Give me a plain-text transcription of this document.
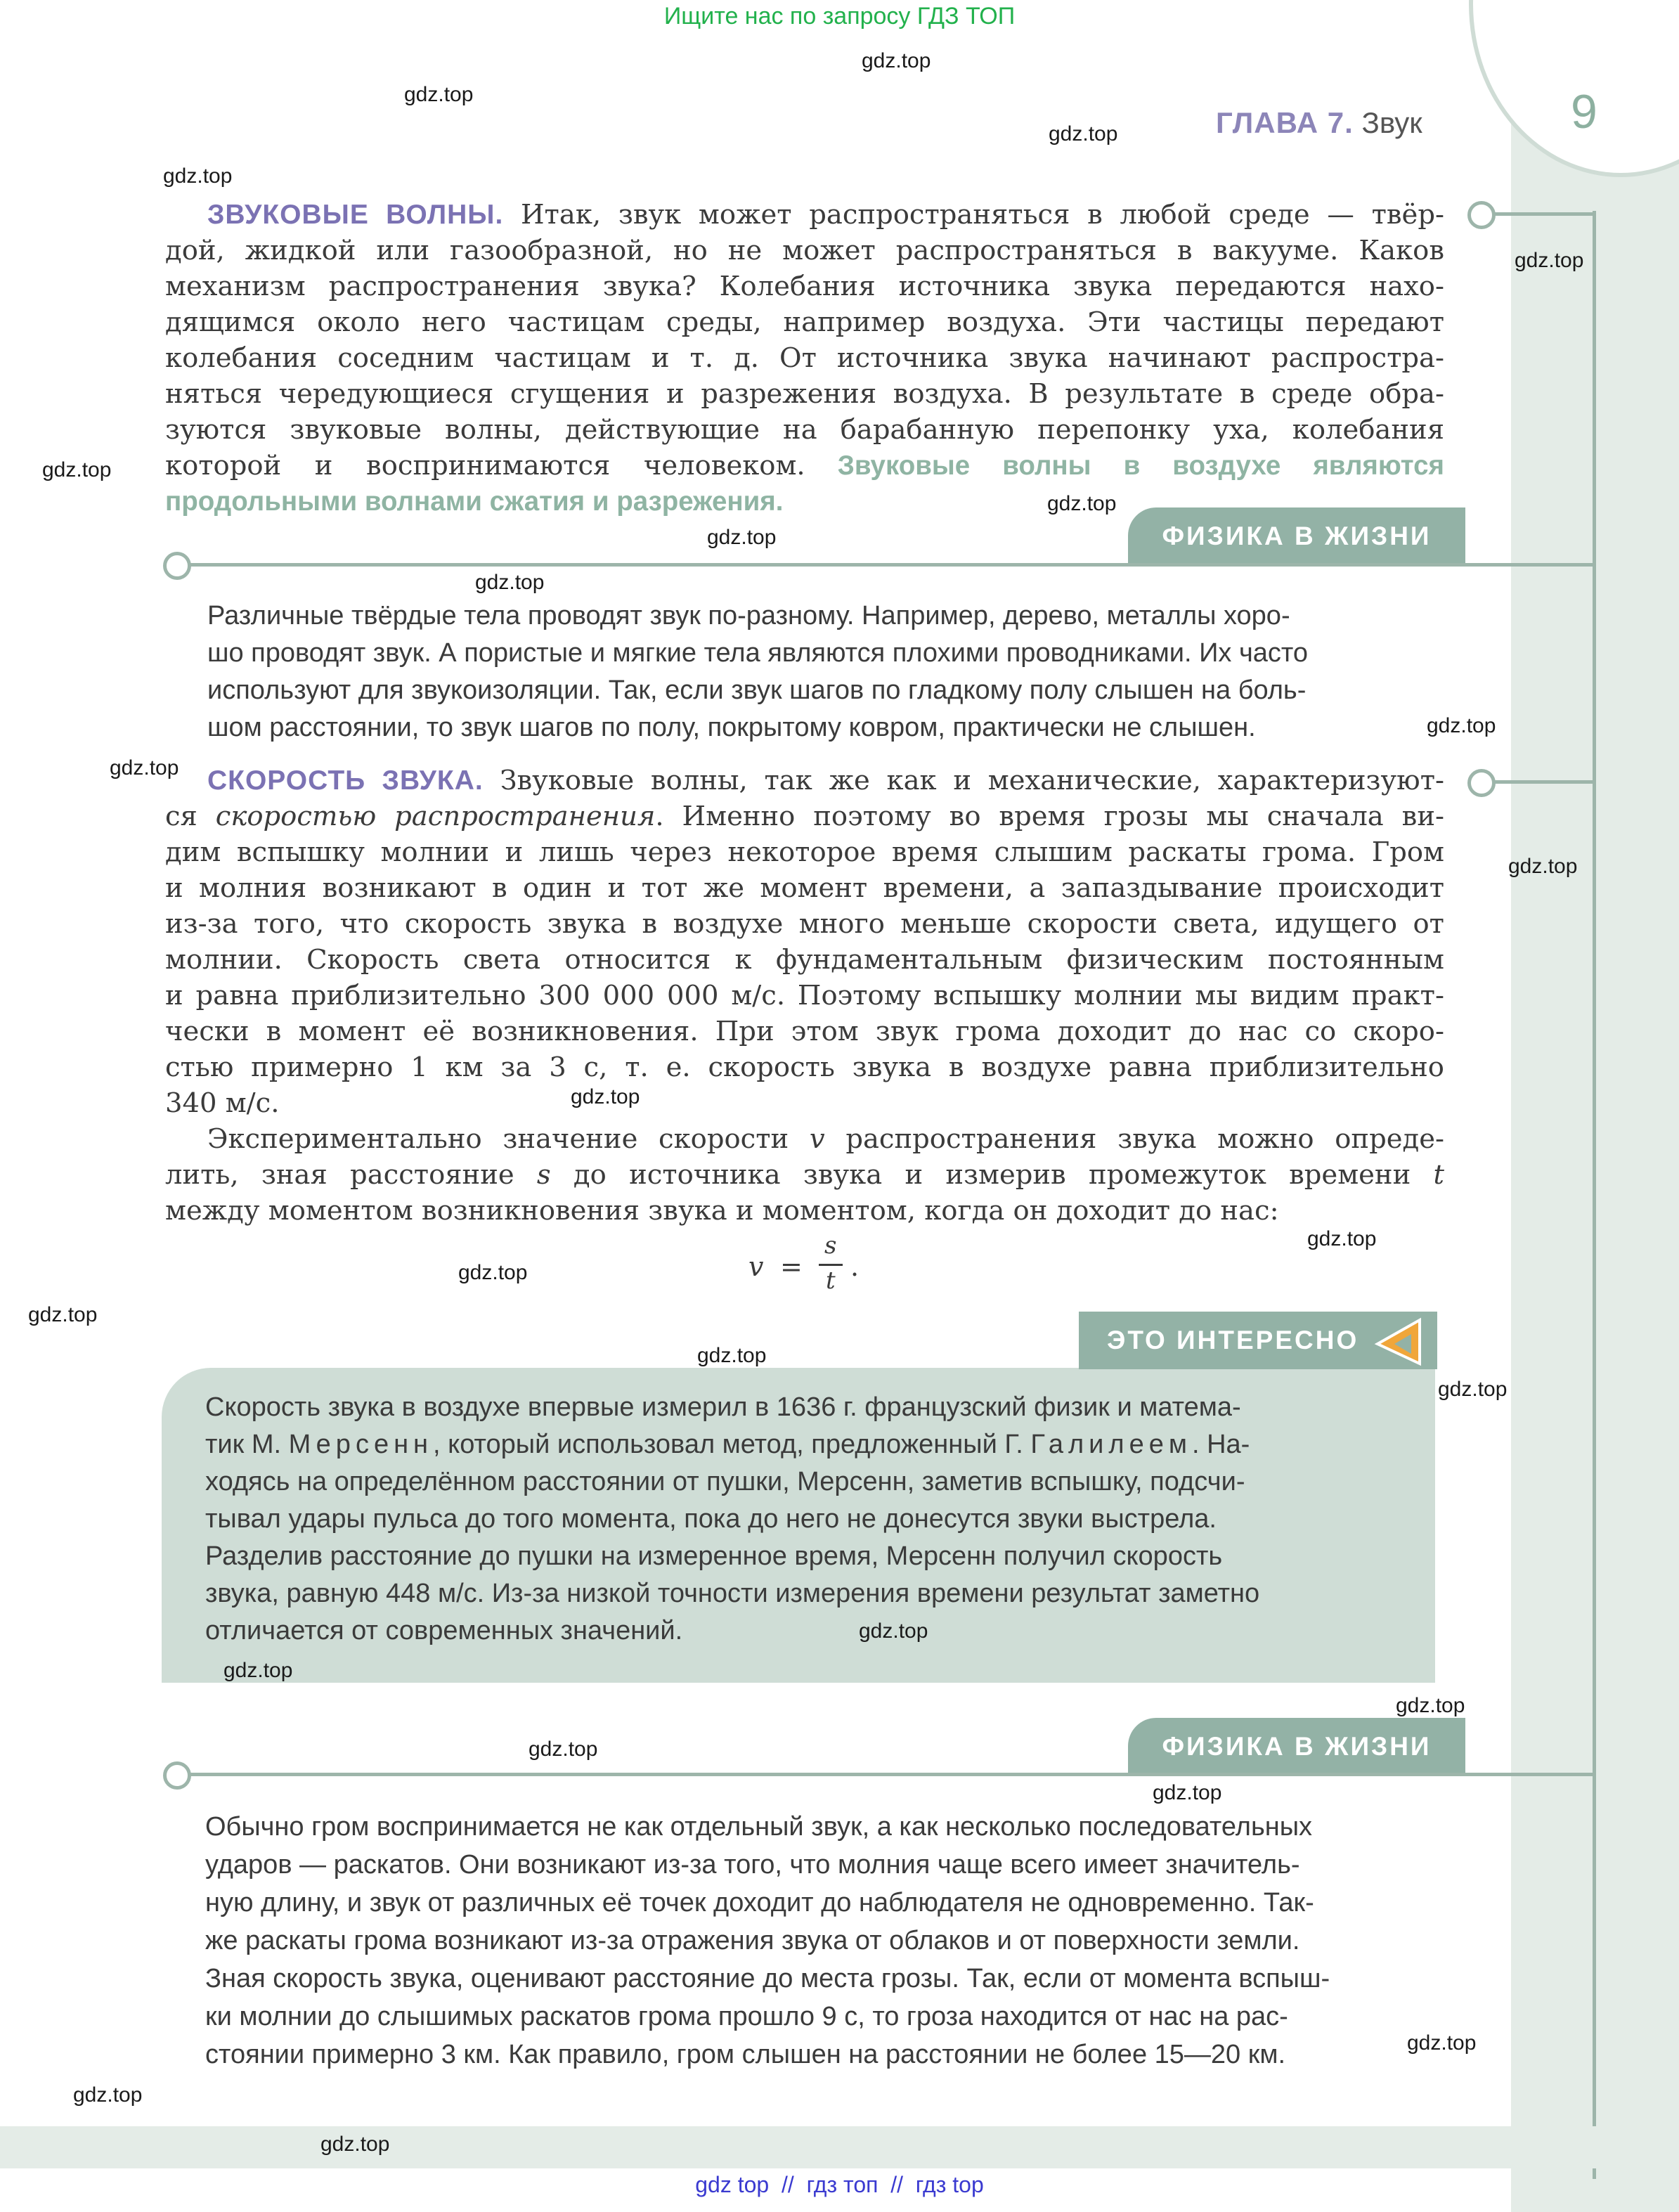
Ищите нас по запросу ГДЗ ТОП
ГЛАВА 7. Звук	9
ЗВУКОВЫЕ ВОЛНЫ. Итак, звук может распространяться в любой среде — твёр-
дой, жидкой или газообразной, но не может распространяться в вакууме. Каков
механизм распространения звука? Колебания источника звука передаются нахо-
дящимся около него частицам среды, например воздуха. Эти частицы передают
колебания соседним частицам и т. д. От источника звука начинают распростра-
няться чередующиеся сгущения и разрежения воздуха. В результате в среде обра-
зуются звуковые волны, действующие на барабанную перепонку уха, колебания
которой и воспринимаются человеком. Звуковые волны в воздухе являются
продольными волнами сжатия и разрежения.
ФИЗИКА В ЖИЗНИ
Различные твёрдые тела проводят звук по-разному. Например, дерево, металлы хоро-
шо проводят звук. А пористые и мягкие тела являются плохими проводниками. Их часто
используют для звукоизоляции. Так, если звук шагов по гладкому полу слышен на боль-
шом расстоянии, то звук шагов по полу, покрытому ковром, практически не слышен.
СКОРОСТЬ ЗВУКА. Звуковые волны, так же как и механические, характеризуют-
ся скоростью распространения. Именно поэтому во время грозы мы сначала ви-
дим вспышку молнии и лишь через некоторое время слышим раскаты грома. Гром
и молния возникают в один и тот же момент времени, а запаздывание происходит
из-за того, что скорость звука в воздухе много меньше скорости света, идущего от
молнии. Скорость света относится к фундаментальным физическим постоянным
и равна приблизительно 300 000 000 м/с. Поэтому вспышку молнии мы видим практ-
чески в момент её возникновения. При этом звук грома доходит до нас со скоро-
стью примерно 1 км за 3 с, т. е. скорость звука в воздухе равна приблизительно
340 м/с.
Экспериментально значение скорости v распространения звука можно опреде-
лить, зная расстояние s до источника звука и измерив промежуток времени t
между моментом возникновения звука и моментом, когда он доходит до нас:
v =
s
t .
ЭТО ИНТЕРЕСНО
Скорость звука в воздухе впервые измерил в 1636 г. французский физик и матема-
тик М. Мерсенн, который использовал метод, предложенный Г. Галилеем. На-
ходясь на определённом расстоянии от пушки, Мерсенн, заметив вспышку, подсчи-
тывал удары пульса до того момента, пока до него не донесутся звуки выстрела.
Разделив расстояние до пушки на измеренное время, Мерсенн получил скорость
звука, равную 448 м/с. Из-за низкой точности измерения времени результат заметно
отличается от современных значений.
ФИЗИКА В ЖИЗНИ
Обычно гром воспринимается не как отдельный звук, а как несколько последовательных
ударов — раскатов. Они возникают из-за того, что молния чаще всего имеет значитель-
ную длину, и звук от различных её точек доходит до наблюдателя не одновременно. Так-
же раскаты грома возникают из-за отражения звука от облаков и от поверхности земли.
Зная скорость звука, оценивают расстояние до места грозы. Так, если от момента вспыш-
ки молнии до слышимых раскатов грома прошло 9 с, то гроза находится от нас на рас-
стоянии примерно 3 км. Как правило, гром слышен на расстоянии не более 15—20 км.
gdz.top
gdz.top
gdz.top
gdz.top
gdz.top
gdz.top
gdz.top
gdz.top
gdz.top
gdz.top
gdz.top
gdz.top
gdz.top
gdz.top
gdz.top
gdz.top
gdz.top
gdz.top
gdz.top
gdz.top
gdz.top
gdz.top
gdz.top
gdz.top
gdz.top
gdz.top
gdz top  //  гдз топ  //  гдз top
